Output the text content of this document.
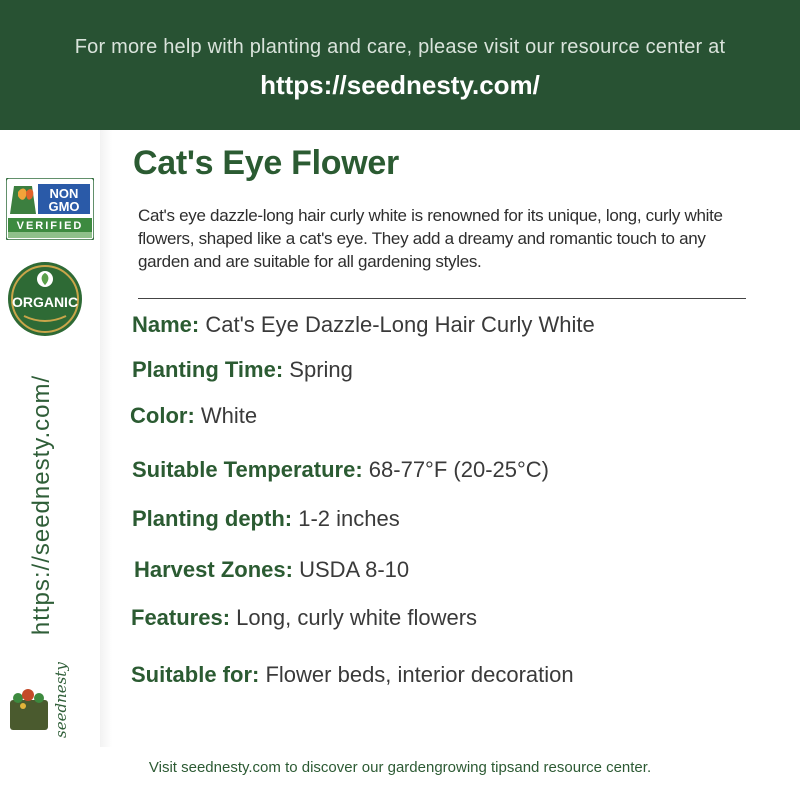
For more help with planting and care, please visit our resource center at
https://seednesty.com/
NON
GMO
VERIFIED
ORGANIC
https://seednesty.com/
seednesty
Cat's Eye Flower
Cat's eye dazzle-long hair curly white is renowned for its unique, long, curly white flowers, shaped like a cat's eye. They add a dreamy and romantic touch to any garden and are suitable for all gardening styles.
Name: Cat's Eye Dazzle-Long Hair Curly White
Planting Time: Spring
Color: White
Suitable Temperature: 68-77°F (20-25°C)
Planting depth: 1-2 inches
Harvest Zones: USDA 8-10
Features: Long, curly white flowers
Suitable for: Flower beds, interior decoration
Visit seednesty.com to discover our gardengrowing tipsand resource center.
